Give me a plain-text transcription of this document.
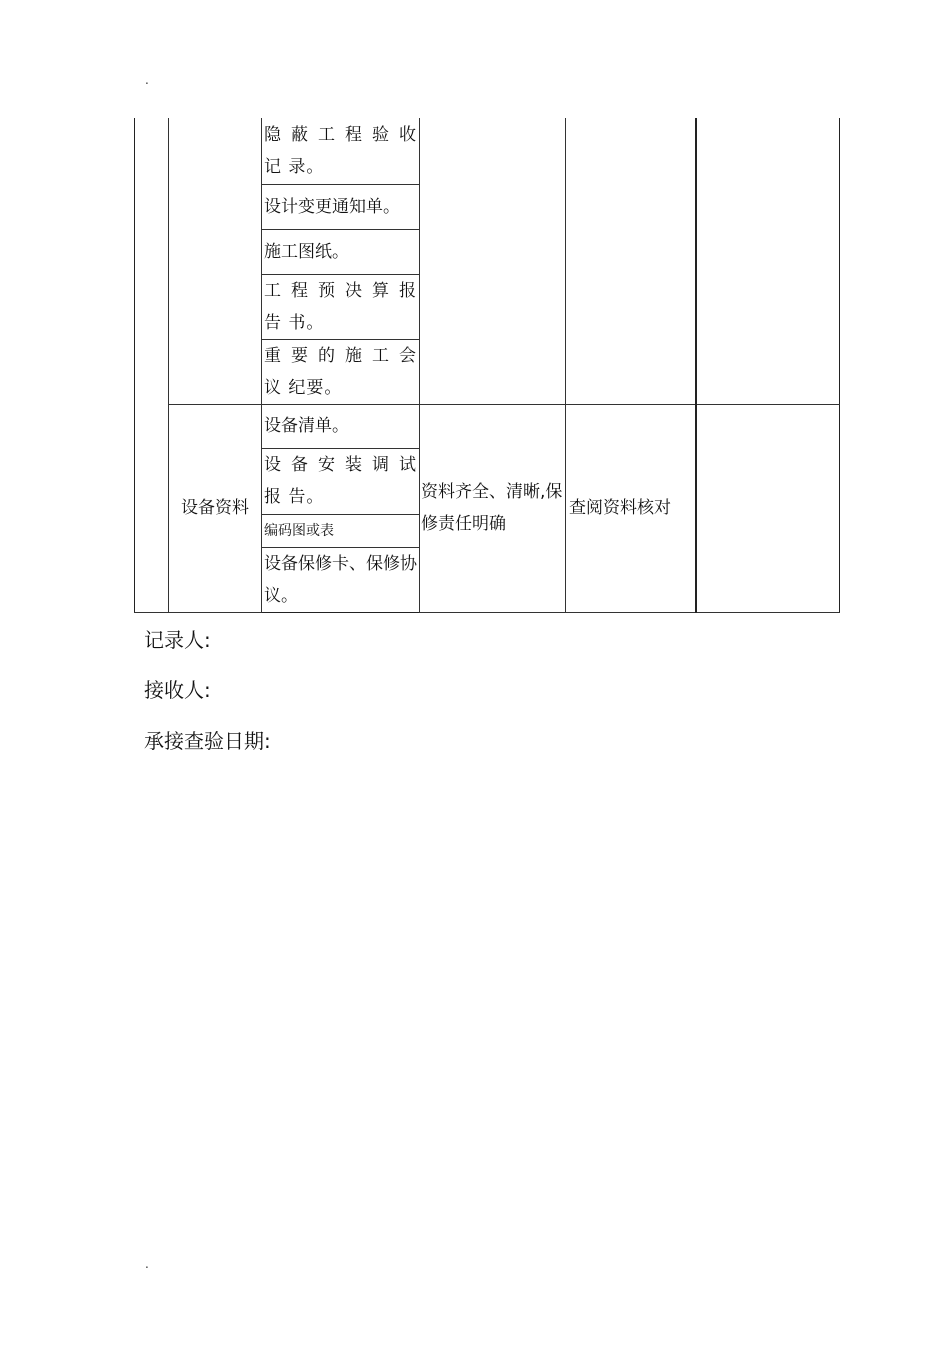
.
		隐 蔽 工 程 验 收 记 录。			
		设计变更通知单。			
		施工图纸。			
		工 程 预 决 算 报 告 书。			
		重 要 的 施 工 会 议 纪要。			
	设备资料	设备清单。	资料齐全、清晰,保修责任明确	查阅资料核对	
		设 备 安 装 调 试 报 告。			
		编码图或表			
		设备保修卡、保修协议。			
记录人:
接收人:
承接查验日期:
.
